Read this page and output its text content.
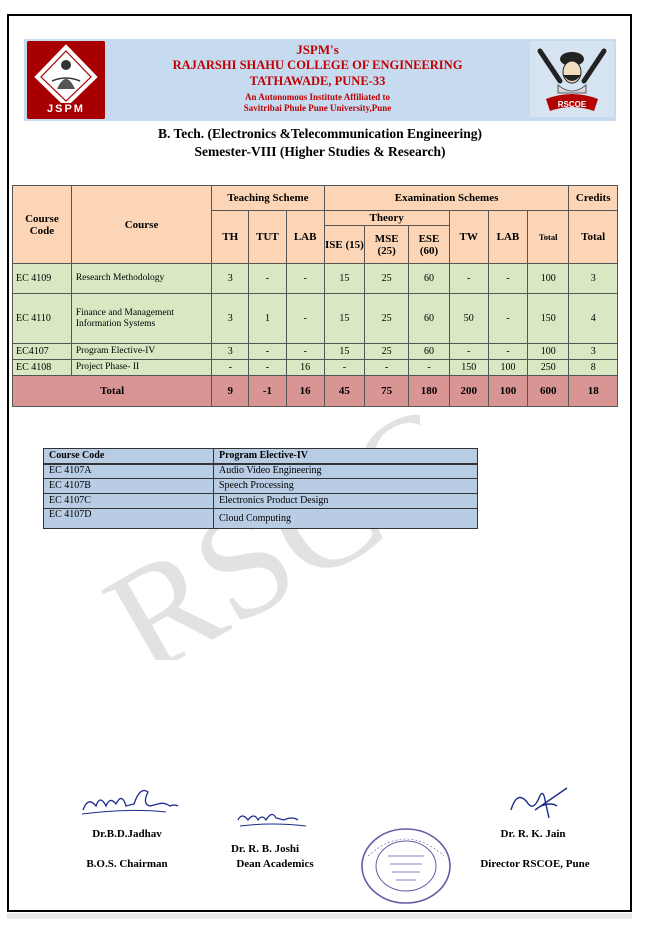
JSPM	RSCOE
JSPM's
RAJARSHI SHAHU COLLEGE OF ENGINEERING
TATHAWADE, PUNE-33
An Autonomous Institute Affiliated to
Savitribai Phule Pune University,Pune
B. Tech. (Electronics &Telecommunication Engineering)
Semester-VIII (Higher Studies & Research)
Course Code	Course	Teaching Scheme			Examination Schemes						Credits
		TH	TUT	LAB	Theory			TW	LAB	Total	Total
					ISE (15)	MSE (25)	ESE (60)				
EC 4109	Research Methodology	3	-	-	15	25	60	-	-	100	3
EC 4110	Finance and Management Information Systems	3	1	-	15	25	60	50	-	150	4
EC4107	Program Elective-IV	3	-	-	15	25	60	-	-	100	3
EC 4108	Project Phase- II	-	-	16	-	-	-	150	100	250	8
Total		9	-1	16	45	75	180	200	100	600	18
Course Code	Program Elective-IV
EC 4107A	Audio Video Engineering
EC 4107B	Speech Processing
EC 4107C	Electronics Product Design
EC 4107D	Cloud Computing
Dr.B.D.Jadhav
B.O.S. Chairman
Dr. R. B. Joshi
Dean Academics
Dr. R. K. Jain
Director RSCOE, Pune
